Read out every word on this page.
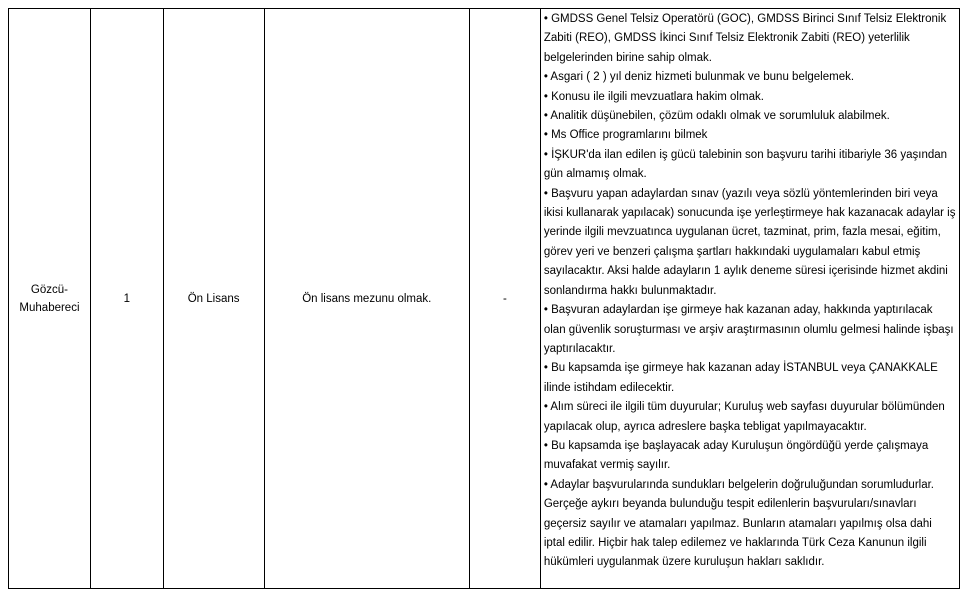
Gözcü-
Muhabereci
	1	Ön Lisans	Ön lisans mezunu olmak.	-	

• GMDSS Genel Telsiz Operatörü (GOC), GMDSS Birinci Sınıf Telsiz Elektronik Zabiti (REO), GMDSS İkinci Sınıf Telsiz Elektronik Zabiti (REO) yeterlilik belgelerinden birine sahip olmak.

• Asgari ( 2 ) yıl deniz hizmeti bulunmak ve bunu belgelemek.

• Konusu ile ilgili mevzuatlara hakim olmak.

• Analitik düşünebilen, çözüm odaklı olmak ve sorumluluk alabilmek.

• Ms Office programlarını bilmek

• İŞKUR'da ilan edilen iş gücü talebinin son başvuru tarihi itibariyle 36 yaşından gün almamış olmak.

• Başvuru yapan adaylardan sınav (yazılı veya sözlü yöntemlerinden biri veya ikisi kullanarak yapılacak) sonucunda işe yerleştirmeye hak kazanacak adaylar iş yerinde ilgili mevzuatınca uygulanan ücret, tazminat, prim, fazla mesai, eğitim, görev yeri ve benzeri çalışma şartları hakkındaki uygulamaları kabul etmiş sayılacaktır. Aksi halde adayların 1 aylık deneme süresi içerisinde hizmet akdini sonlandırma hakkı bulunmaktadır.

• Başvuran adaylardan işe girmeye hak kazanan aday, hakkında yaptırılacak olan güvenlik soruşturması ve arşiv araştırmasının olumlu gelmesi halinde işbaşı yaptırılacaktır.

• Bu kapsamda işe girmeye hak kazanan aday İSTANBUL veya ÇANAKKALE ilinde istihdam edilecektir.

• Alım süreci ile ilgili tüm duyurular; Kuruluş web sayfası duyurular bölümünden yapılacak olup, ayrıca adreslere başka tebligat yapılmayacaktır.

• Bu kapsamda işe başlayacak aday Kuruluşun öngördüğü yerde çalışmaya muvafakat vermiş sayılır.

• Adaylar başvurularında sundukları belgelerin doğruluğundan sorumludurlar. Gerçeğe aykırı beyanda bulunduğu tespit edilenlerin başvuruları/sınavları geçersiz sayılır ve atamaları yapılmaz. Bunların atamaları yapılmış olsa dahi iptal edilir. Hiçbir hak talep edilemez ve haklarında Türk Ceza Kanunun ilgili hükümleri uygulanmak üzere kuruluşun hakları saklıdır.
